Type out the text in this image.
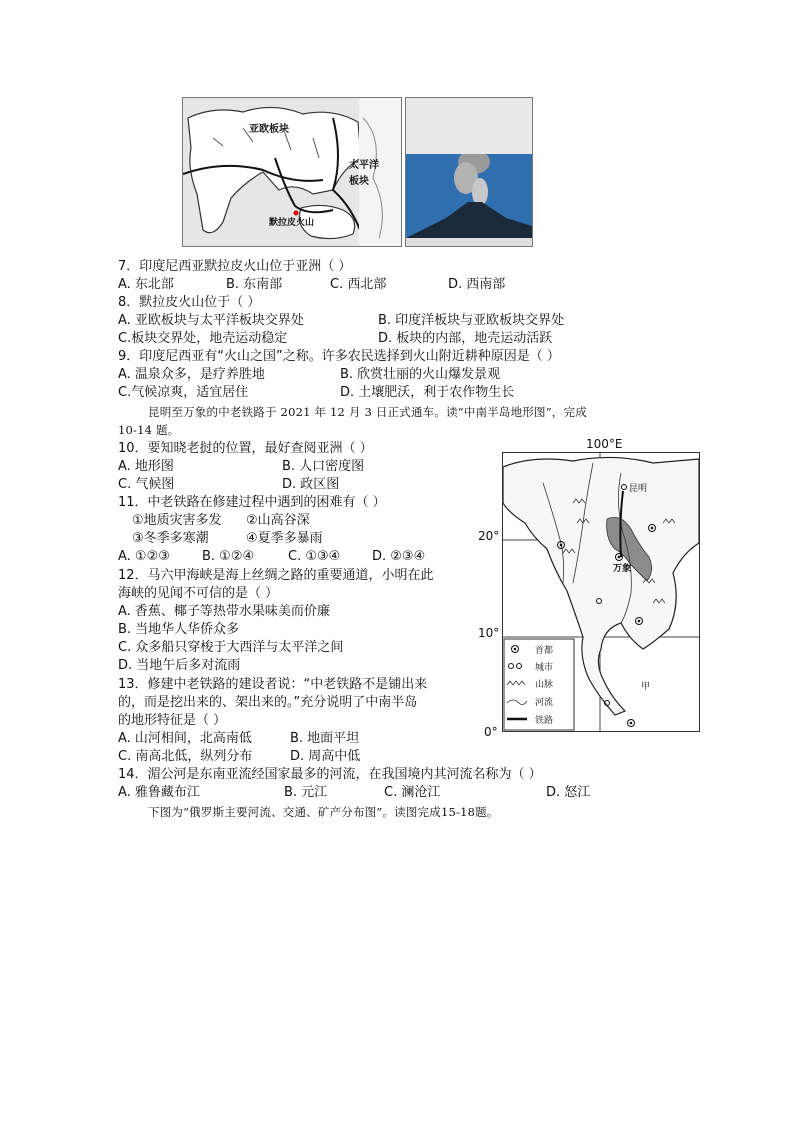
亚欧板块
太平洋
板块
默拉皮火山
7．印度尼西亚默拉皮火山位于亚洲（ ）
A. 东北部	B. 东南部	C. 西北部	D. 西南部
8．默拉皮火山位于（ ）
A. 亚欧板块与太平洋板块交界处	B. 印度洋板块与亚欧板块交界处
C.板块交界处，地壳运动稳定	D. 板块的内部，地壳运动活跃
9．印度尼西亚有“火山之国”之称。许多农民选择到火山附近耕种原因是（ ）
A. 温泉众多，是疗养胜地	B. 欣赏壮丽的火山爆发景观
C.气候凉爽，适宜居住	D. 土壤肥沃，利于农作物生长
昆明至万象的中老铁路于 2021 年 12 月 3 日正式通车。读“中南半岛地形图”，完成
10-14 题。
10．要知晓老挝的位置，最好查阅亚洲（ ）
A. 地形图	B. 人口密度图
C. 气候图	D. 政区图
11．中老铁路在修建过程中遇到的困难有（ ）
①地质灾害多发 ②山高谷深
③冬季多寒潮	④夏季多暴雨
A. ①②③ B. ①②④	C. ①③④ D. ②③④
12．马六甲海峡是海上丝绸之路的重要通道，小明在此
海峡的见闻不可信的是（ ）
A. 香蕉、椰子等热带水果味美而价廉
B. 当地华人华侨众多
C. 众多船只穿梭于大西洋与太平洋之间
D. 当地午后多对流雨
13．修建中老铁路的建设者说：“中老铁路不是铺出来
的，而是挖出来的、架出来的。”充分说明了中南半岛
的地形特征是（ ）
A. 山河相间，北高南低	B. 地面平坦
C. 南高北低，纵列分布	D. 周高中低
14．湄公河是东南亚流经国家最多的河流，在我国境内其河流名称为（ ）
A. 雅鲁藏布江	B. 元江	C. 澜沧江	D. 怒江
下图为“俄罗斯主要河流、交通、矿产分布图”。读图完成15-18题。
100°E
20°
10°
0°
昆明
万象
甲
首都
城市
山脉
河流
铁路
